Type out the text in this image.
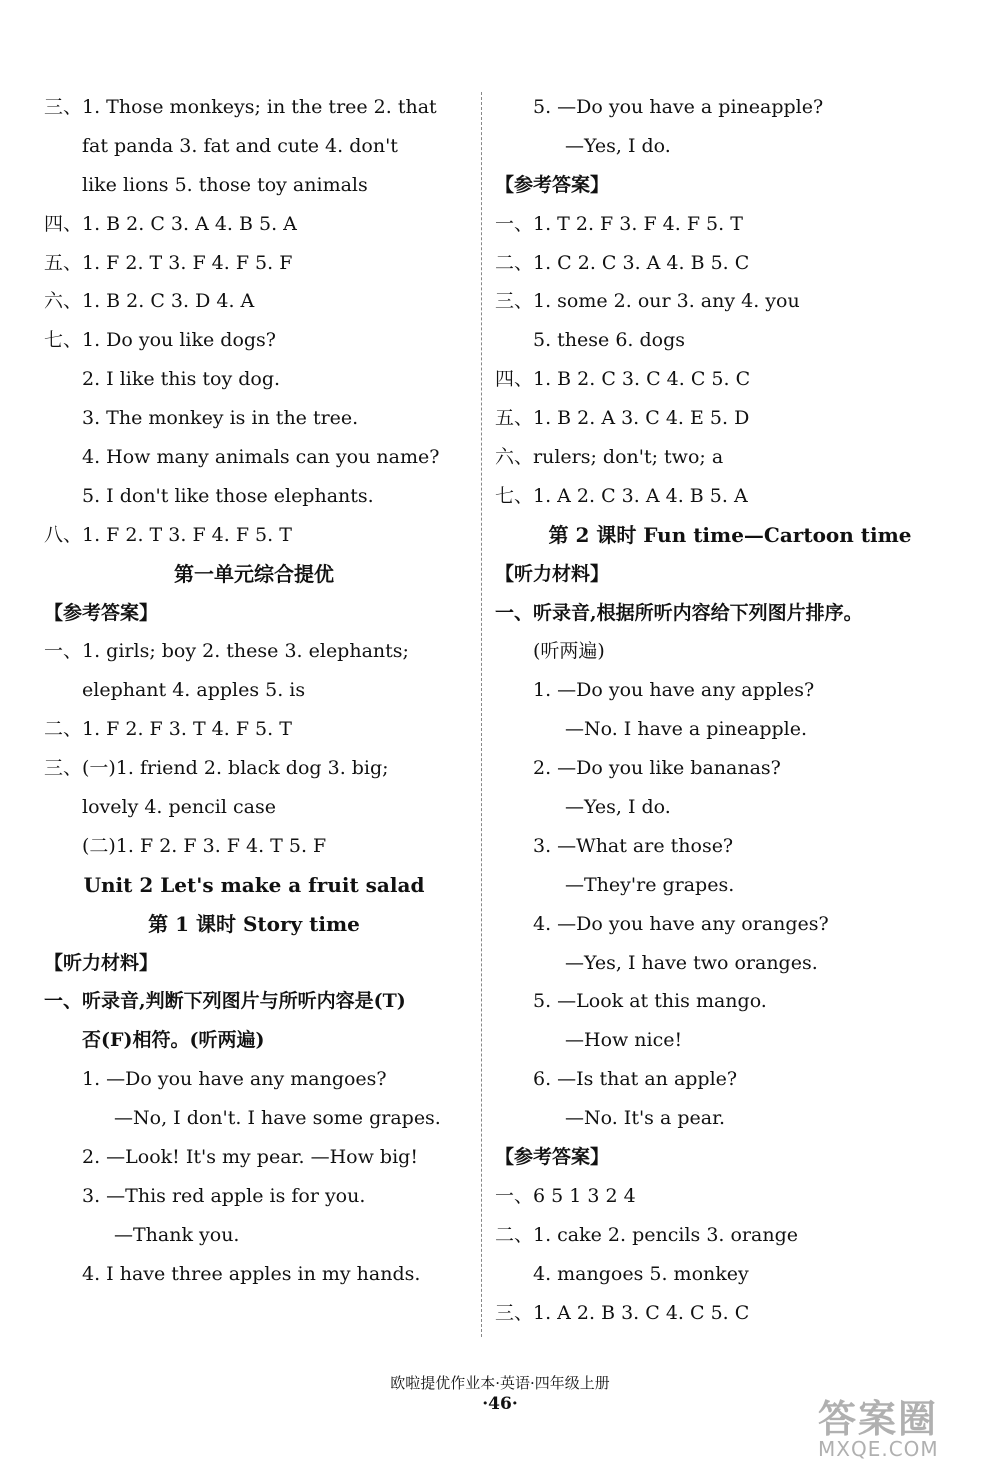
三、1. Those monkeys; in the tree 2. that
fat panda 3. fat and cute 4. don't
like lions 5. those toy animals
四、1. B 2. C 3. A 4. B 5. A
五、1. F 2. T 3. F 4. F 5. F
六、1. B 2. C 3. D 4. A
七、1. Do you like dogs?
2. I like this toy dog.
3. The monkey is in the tree.
4. How many animals can you name?
5. I don't like those elephants.
八、1. F 2. T 3. F 4. F 5. T
第一单元综合提优
【参考答案】
一、1. girls; boy 2. these 3. elephants;
elephant 4. apples 5. is
二、1. F 2. F 3. T 4. F 5. T
三、(一)1. friend 2. black dog 3. big;
lovely 4. pencil case
(二)1. F 2. F 3. F 4. T 5. F
Unit 2 Let's make a fruit salad
第 1 课时 Story time
【听力材料】
一、听录音,判断下列图片与所听内容是(T)
否(F)相符。(听两遍)
1. —Do you have any mangoes?
—No, I don't. I have some grapes.
2. —Look! It's my pear. —How big!
3. —This red apple is for you.
—Thank you.
4. I have three apples in my hands.
5. —Do you have a pineapple?
—Yes, I do.
【参考答案】
一、1. T 2. F 3. F 4. F 5. T
二、1. C 2. C 3. A 4. B 5. C
三、1. some 2. our 3. any 4. you
5. these 6. dogs
四、1. B 2. C 3. C 4. C 5. C
五、1. B 2. A 3. C 4. E 5. D
六、rulers; don't; two; a
七、1. A 2. C 3. A 4. B 5. A
第 2 课时 Fun time—Cartoon time
【听力材料】
一、听录音,根据所听内容给下列图片排序。
(听两遍)
1. —Do you have any apples?
—No. I have a pineapple.
2. —Do you like bananas?
—Yes, I do.
3. —What are those?
—They're grapes.
4. —Do you have any oranges?
—Yes, I have two oranges.
5. —Look at this mango.
—How nice!
6. —Is that an apple?
—No. It's a pear.
【参考答案】
一、6 5 1 3 2 4
二、1. cake 2. pencils 3. orange
4. mangoes 5. monkey
三、1. A 2. B 3. C 4. C 5. C
欧啦提优作业本·英语·四年级上册
·46·	答案圈
MXQE.COM
